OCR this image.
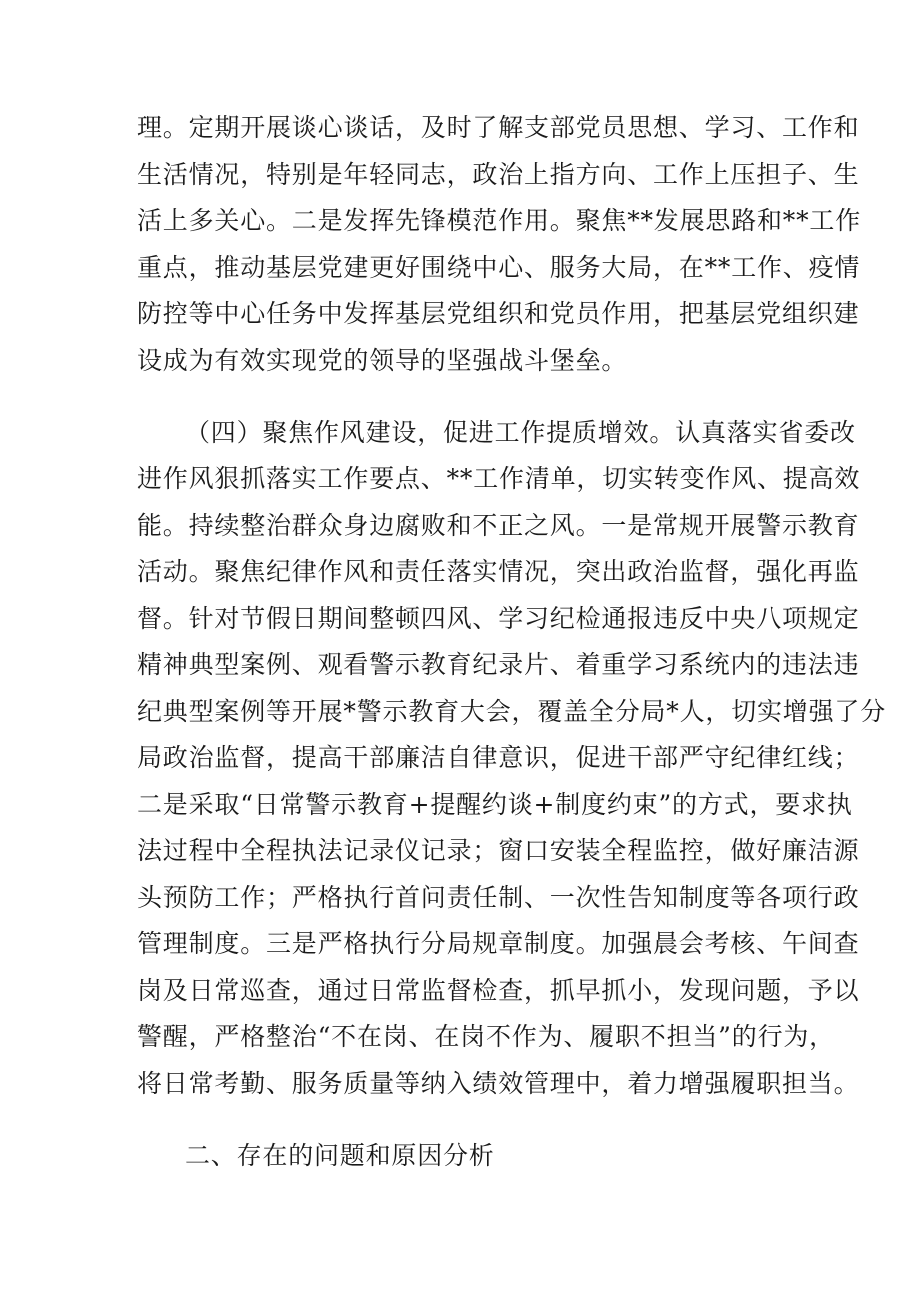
理。定期开展谈心谈话，及时了解支部党员思想、学习、工作和
生活情况，特别是年轻同志，政治上指方向、工作上压担子、生
活上多关心。二是发挥先锋模范作用。聚焦**发展思路和**工作
重点，推动基层党建更好围绕中心、服务大局，在**工作、疫情
防控等中心任务中发挥基层党组织和党员作用，把基层党组织建
设成为有效实现党的领导的坚强战斗堡垒。
（四）聚焦作风建设，促进工作提质增效。认真落实省委改
进作风狠抓落实工作要点、**工作清单，切实转变作风、提高效
能。持续整治群众身边腐败和不正之风。一是常规开展警示教育
活动。聚焦纪律作风和责任落实情况，突出政治监督，强化再监
督。针对节假日期间整顿四风、学习纪检通报违反中央八项规定
精神典型案例、观看警示教育纪录片、着重学习系统内的违法违
纪典型案例等开展*警示教育大会，覆盖全分局*人，切实增强了分
局政治监督，提高干部廉洁自律意识，促进干部严守纪律红线；
二是采取“日常警示教育+提醒约谈+制度约束”的方式，要求执
法过程中全程执法记录仪记录；窗口安装全程监控，做好廉洁源
头预防工作；严格执行首问责任制、一次性告知制度等各项行政
管理制度。三是严格执行分局规章制度。加强晨会考核、午间查
岗及日常巡查，通过日常监督检查，抓早抓小，发现问题，予以
警醒，严格整治“不在岗、在岗不作为、履职不担当”的行为，
将日常考勤、服务质量等纳入绩效管理中，着力增强履职担当。
二、存在的问题和原因分析
